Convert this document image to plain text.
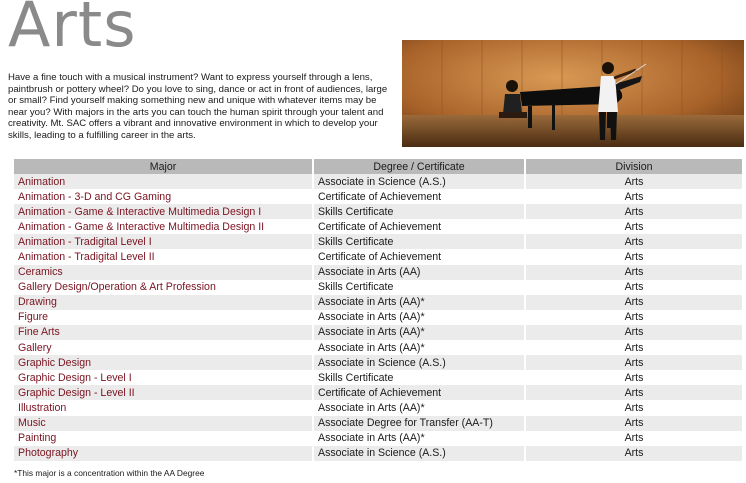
Arts
Have a fine touch with a musical instrument? Want to express yourself through a lens, paintbrush or pottery wheel? Do you love to sing, dance or act in front of audiences, large or small? Find yourself making something new and unique with whatever items may be near you? With majors in the arts you can touch the human spirit through your talent and creativity. Mt. SAC offers a vibrant and innovative environment in which to develop your skills, leading to a fulfilling career in the arts.
Major	Degree / Certificate	Division
Animation	Associate in Science (A.S.)	Arts
Animation - 3-D and CG Gaming	Certificate of Achievement	Arts
Animation - Game & Interactive Multimedia Design I	Skills Certificate	Arts
Animation - Game & Interactive Multimedia Design II	Certificate of Achievement	Arts
Animation - Tradigital Level I	Skills Certificate	Arts
Animation - Tradigital Level II	Certificate of Achievement	Arts
Ceramics	Associate in Arts (AA)	Arts
Gallery Design/Operation & Art Profession	Skills Certificate	Arts
Drawing	Associate in Arts (AA)*	Arts
Figure	Associate in Arts (AA)*	Arts
Fine Arts	Associate in Arts (AA)*	Arts
Gallery	Associate in Arts (AA)*	Arts
Graphic Design	Associate in Science (A.S.)	Arts
Graphic Design - Level I	Skills Certificate	Arts
Graphic Design - Level II	Certificate of Achievement	Arts
Illustration	Associate in Arts (AA)*	Arts
Music	Associate Degree for Transfer (AA-T)	Arts
Painting	Associate in Arts (AA)*	Arts
Photography	Associate in Science (A.S.)	Arts
*This major is a concentration within the AA Degree
